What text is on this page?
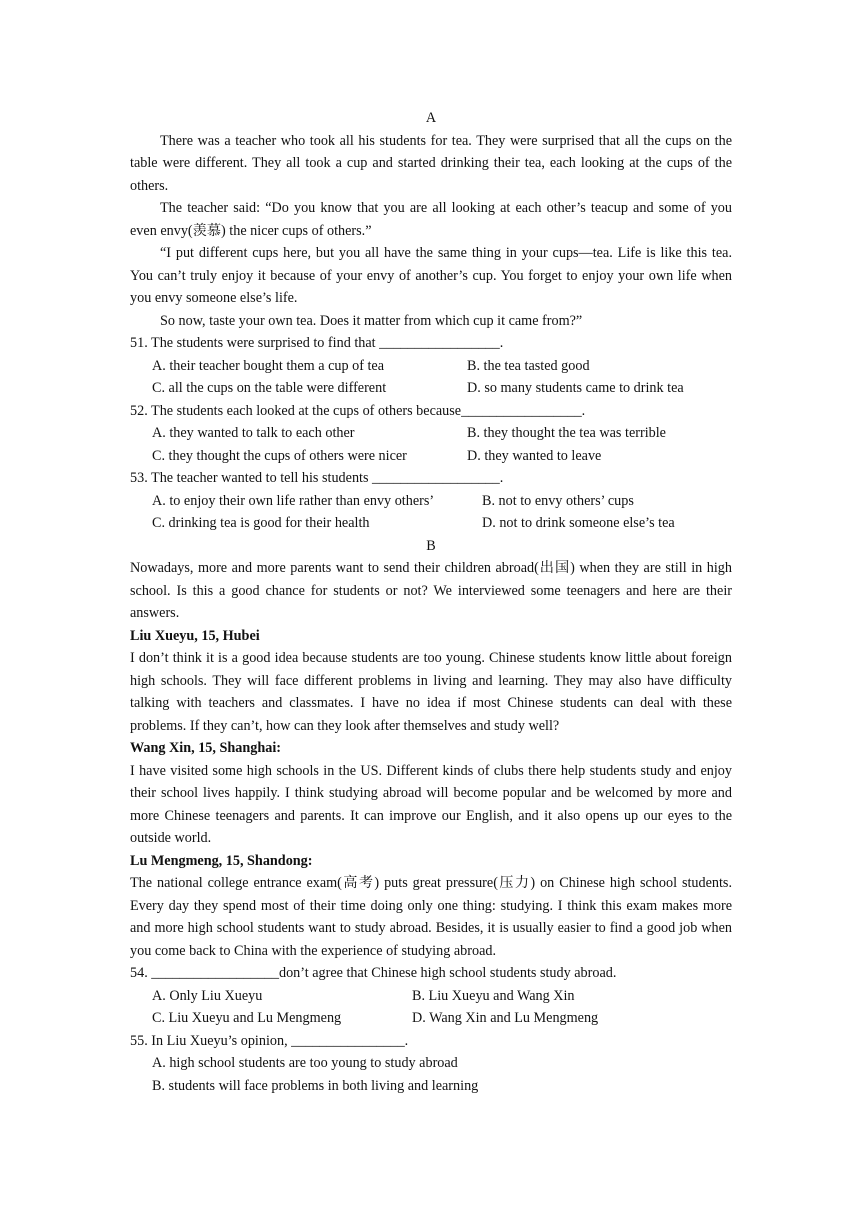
A

There was a teacher who took all his students for tea. They were surprised that all the cups on the table were different. They all took a cup and started drinking their tea, each looking at the cups of the others.

The teacher said: “Do you know that you are all looking at each other’s teacup and some of you even envy(羡慕) the nicer cups of others.”

“I put different cups here, but you all have the same thing in your cups—tea. Life is like this tea. You can’t truly enjoy it because of your envy of another’s cup. You forget to enjoy your own life when you envy someone else’s life.

So now, taste your own tea. Does it matter from which cup it came from?”

51. The students were surprised to find that _________________.

A. their teacher bought them a cup of tea	B. the tea tasted good
C. all the cups on the table were different	D. so many students came to drink tea

52. The students each looked at the cups of others because_________________.

A. they wanted to talk to each other	B. they thought the tea was terrible
C. they thought the cups of others were nicer	D. they wanted to leave

53. The teacher wanted to tell his students __________________.

A. to enjoy their own life rather than envy others’	B. not to envy others’ cups
C. drinking tea is good for their health	D. not to drink someone else’s tea
B

Nowadays, more and more parents want to send their children abroad(出国) when they are still in high school. Is this a good chance for students or not? We interviewed some teenagers and here are their answers.

Liu Xueyu, 15, Hubei

I don’t think it is a good idea because students are too young. Chinese students know little about foreign high schools. They will face different problems in living and learning. They may also have difficulty talking with teachers and classmates. I have no idea if most Chinese students can deal with these problems. If they can’t, how can they look after themselves and study well?

Wang Xin, 15, Shanghai:

I have visited some high schools in the US. Different kinds of clubs there help students study and enjoy their school lives happily. I think studying abroad will become popular and be welcomed by more and more Chinese teenagers and parents. It can improve our English, and it also opens up our eyes to the outside world.

Lu Mengmeng, 15, Shandong:

The national college entrance exam(高考) puts great pressure(压力) on Chinese high school students. Every day they spend most of their time doing only one thing: studying. I think this exam makes more and more high school students want to study abroad. Besides, it is usually easier to find a good job when you come back to China with the experience of studying abroad.

54. __________________don’t agree that Chinese high school students study abroad.

A. Only Liu Xueyu	B. Liu Xueyu and Wang Xin
C. Liu Xueyu and Lu Mengmeng	D. Wang Xin and Lu Mengmeng

55. In Liu Xueyu’s opinion, ________________.

A. high school students are too young to study abroad
B. students will face problems in both living and learning
